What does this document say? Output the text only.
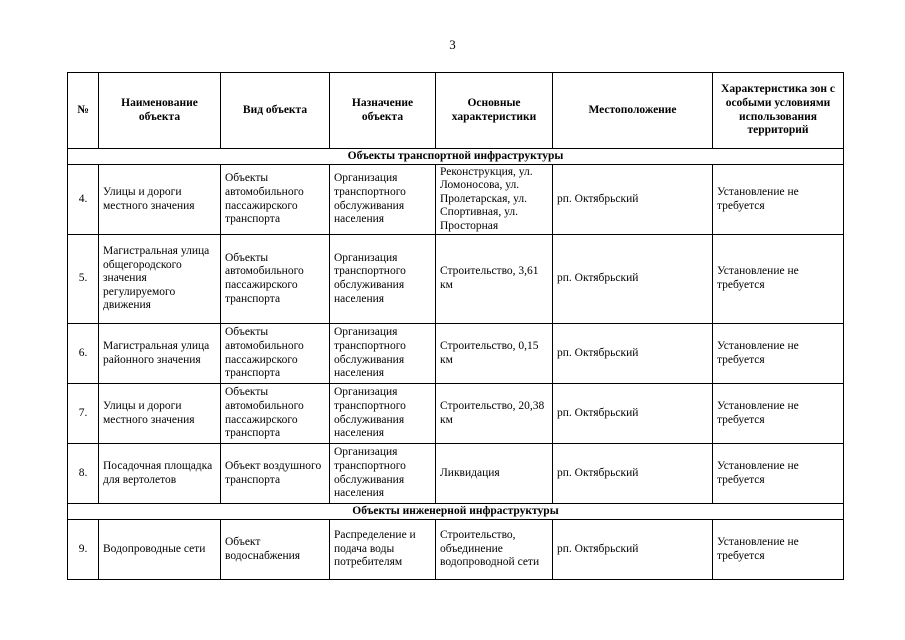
3
№	Наименование объекта	Вид объекта	Назначение объекта	Основные характеристики	Местоположение	Характеристика зон с особыми условиями использования территорий
Объекты транспортной инфраструктуры						
4.	Улицы и дороги местного значения	Объекты автомобильного пассажирского транспорта	Организация транспортного обслуживания населения	Реконструкция, ул. Ломоносова, ул. Пролетарская, ул. Спортивная, ул. Просторная	рп. Октябрьский	Установление не требуется
5.	Магистральная улица общегородского значения регулируемого движения	Объекты автомобильного пассажирского транспорта	Организация транспортного обслуживания населения	Строительство, 3,61 км	рп. Октябрьский	Установление не требуется
6.	Магистральная улица районного значения	Объекты автомобильного пассажирского транспорта	Организация транспортного обслуживания населения	Строительство, 0,15 км	рп. Октябрьский	Установление не требуется
7.	Улицы и дороги местного значения	Объекты автомобильного пассажирского транспорта	Организация транспортного обслуживания населения	Строительство, 20,38 км	рп. Октябрьский	Установление не требуется
8.	Посадочная площадка для вертолетов	Объект воздушного транспорта	Организация транспортного обслуживания населения	Ликвидация	рп. Октябрьский	Установление не требуется
Объекты инженерной инфраструктуры						
9.	Водопроводные сети	Объект водоснабжения	Распределение и подача воды потребителям	Строительство, объединение водопроводной сети	рп. Октябрьский	Установление не требуется
